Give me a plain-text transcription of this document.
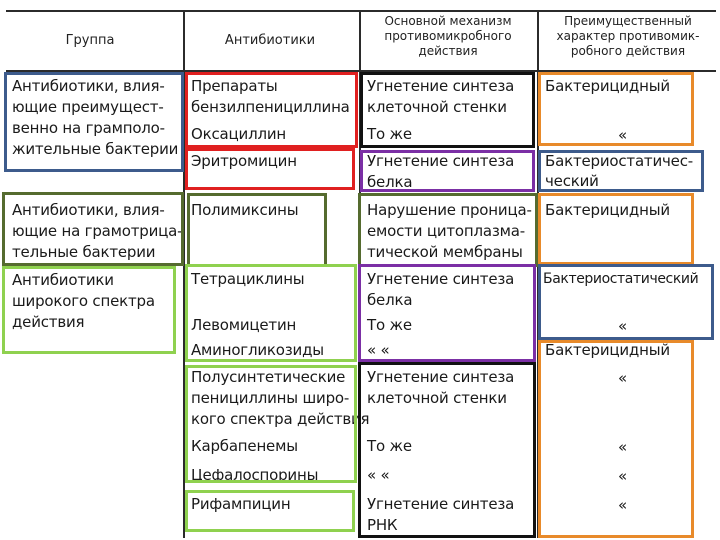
Группа	Антибиотики
Основной механизм
противомикробного
действия
Преимущественный
характер противомик-
робного действия
Антибиотики, влия-
ющие преимущест-
венно на грамполо-
жительные бактерии
Антибиотики, влия-
ющие на грамотрица-
тельные бактерии
Антибиотики
широкого спектра
действия
Препараты
бензилпенициллина
Оксациллин
Эритромицин
Полимиксины
Тетрациклины
Левомицетин
Аминогликозиды
Полусинтетические
пенициллины широ-
кого спектра действия
Карбапенемы
Цефалоспорины
Рифампицин
Угнетение синтеза
клеточной стенки
То же
Угнетение синтеза
белка
Нарушение проница-
емости цитоплазма-
тической мембраны
Угнетение синтеза
белка
То же
« «
Угнетение синтеза
клеточной стенки
То же
« «
Угнетение синтеза
РНК
Бактерицидный
«
Бактериостатичес-
ческий
Бактерицидный
Бактериостатический
«
Бактерицидный
«
«
«
«
